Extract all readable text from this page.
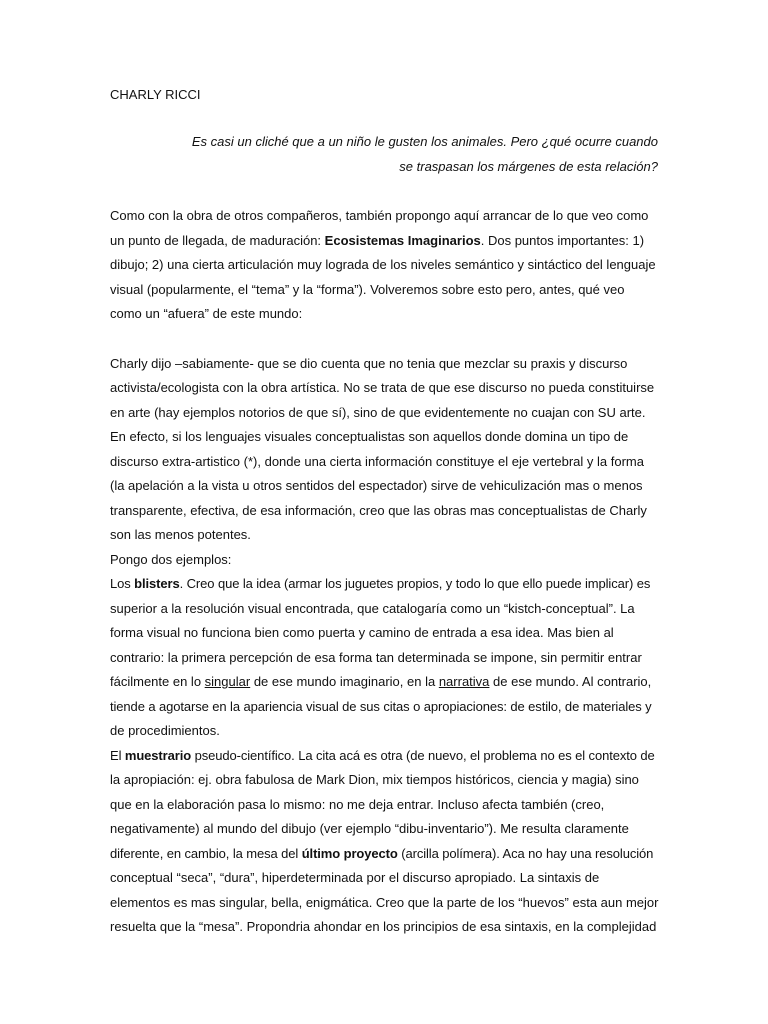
CHARLY RICCI
Es casi un cliché que a un niño le gusten los animales. Pero ¿qué ocurre cuando
se traspasan los márgenes de esta relación?
Como con la obra de otros compañeros, también propongo aquí arrancar de lo que veo como
un punto de llegada, de maduración: Ecosistemas Imaginarios. Dos puntos importantes: 1)
dibujo; 2) una cierta articulación muy lograda de los niveles semántico y sintáctico del lenguaje
visual (popularmente, el “tema” y la “forma”). Volveremos sobre esto pero, antes, qué veo
como un “afuera” de este mundo:
Charly dijo –sabiamente- que se dio cuenta que no tenia que mezclar su praxis y discurso
activista/ecologista con la obra artística. No se trata de que ese discurso no pueda constituirse
en arte (hay ejemplos notorios de que sí), sino de que evidentemente no cuajan con SU arte.
En efecto, si los lenguajes visuales conceptualistas son aquellos donde domina un tipo de
discurso extra-artistico (*), donde una cierta información constituye el eje vertebral y la forma
(la apelación a la vista u otros sentidos del espectador) sirve de vehiculización mas o menos
transparente, efectiva, de esa información, creo que las obras mas conceptualistas de Charly
son las menos potentes.
Pongo dos ejemplos:
Los blisters. Creo que la idea (armar los juguetes propios, y todo lo que ello puede implicar) es
superior a la resolución visual encontrada, que catalogaría como un “kistch-conceptual”. La
forma visual no funciona bien como puerta y camino de entrada a esa idea. Mas bien al
contrario: la primera percepción de esa forma tan determinada se impone, sin permitir entrar
fácilmente en lo singular de ese mundo imaginario, en la narrativa de ese mundo. Al contrario,
tiende a agotarse en la apariencia visual de sus citas o apropiaciones: de estilo, de materiales y
de procedimientos.
El muestrario pseudo-científico. La cita acá es otra (de nuevo, el problema no es el contexto de
la apropiación: ej. obra fabulosa de Mark Dion, mix tiempos históricos, ciencia y magia) sino
que en la elaboración pasa lo mismo: no me deja entrar. Incluso afecta también (creo,
negativamente) al mundo del dibujo (ver ejemplo “dibu-inventario”). Me resulta claramente
diferente, en cambio, la mesa del último proyecto (arcilla polímera). Aca no hay una resolución
conceptual “seca”, “dura”, hiperdeterminada por el discurso apropiado. La sintaxis de
elementos es mas singular, bella, enigmática. Creo que la parte de los “huevos” esta aun mejor
resuelta que la “mesa”. Propondria ahondar en los principios de esa sintaxis, en la complejidad
